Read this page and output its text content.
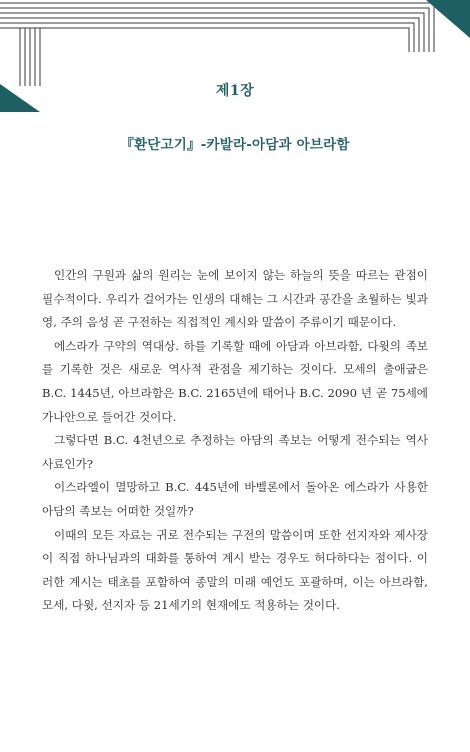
제1장
『환단고기』-카발라-아담과 아브라함

인간의 구원과 삶의 원리는 눈에 보이지 않는 하늘의 뜻을 따르는 관점이 필수적이다. 우리가 걸어가는 인생의 대해는 그 시간과 공간을 초월하는 빛과 영, 주의 음성 곧 구전하는 직접적인 계시와 말씀이 주류이기 때문이다.

에스라가 구약의 역대상. 하를 기록할 때에 아담과 아브라함, 다윗의 족보를 기록한 것은 새로운 역사적 관점을 제기하는 것이다. 모세의 출애굽은 B.C. 1445년, 아브라함은 B.C. 2165년에 태어나 B.C. 2090 년 곧 75세에 가나안으로 들어간 것이다.

그렇다면 B.C. 4천년으로 추정하는 아담의 족보는 어떻게 전수되는 역사 사료인가?

이스라엘이 멸망하고 B.C. 445년에 바벨론에서 돌아온 에스라가 사용한 아담의 족보는 어떠한 것일까?

이때의 모든 자료는 귀로 전수되는 구전의 말씀이며 또한 선지자와 제사장이 직접 하나님과의 대화를 통하여 계시 받는 경우도 허다하다는 점이다. 이러한 계시는 태초를 포함하여 종말의 미래 예언도 포괄하며, 이는 아브라함, 모세, 다윗, 선지자 등 21세기의 현재에도 적용하는 것이다.
